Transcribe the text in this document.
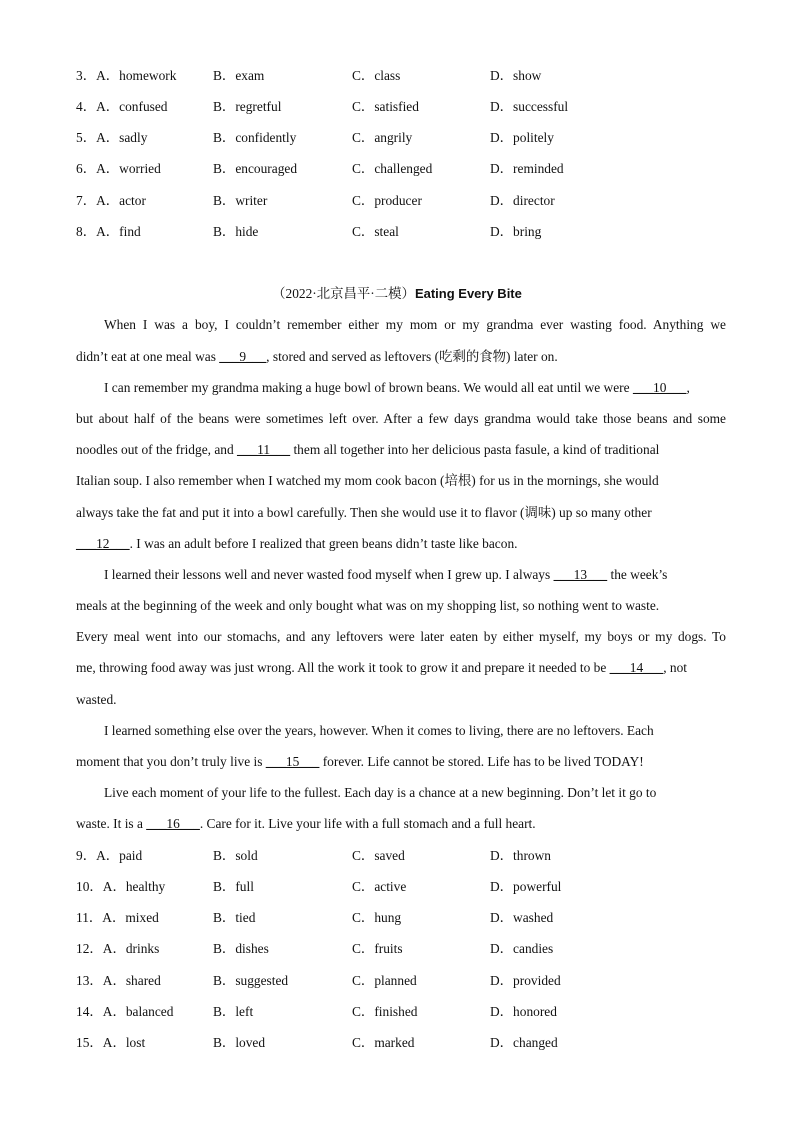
3．A．homework	B．exam	C．class	D．show
4．A．confused	B．regretful	C．satisfied	D．successful
5．A．sadly	B．confidently	C．angrily	D．politely
6．A．worried	B．encouraged	C．challenged	D．reminded
7．A．actor	B．writer	C．producer	D．director
8．A．find	B．hide	C．steal	D．bring
（2022·北京昌平·二模）Eating Every Bite
When I was a boy, I couldn’t remember either my mom or my grandma ever wasting food. Anything we
didn’t eat at one meal was ___9___, stored and served as leftovers (吃剩的食物) later on.
I can remember my grandma making a huge bowl of brown beans. We would all eat until we were ___10___,
but about half of the beans were sometimes left over. After a few days grandma would take those beans and some
noodles out of the fridge, and ___11___ them all together into her delicious pasta fasule, a kind of traditional
Italian soup. I also remember when I watched my mom cook bacon (培根) for us in the mornings, she would
always take the fat and put it into a bowl carefully. Then she would use it to flavor (调味) up so many other
___12___. I was an adult before I realized that green beans didn’t taste like bacon.
I learned their lessons well and never wasted food myself when I grew up. I always ___13___ the week’s
meals at the beginning of the week and only bought what was on my shopping list, so nothing went to waste.
Every meal went into our stomachs, and any leftovers were later eaten by either myself, my boys or my dogs. To
me, throwing food away was just wrong. All the work it took to grow it and prepare it needed to be ___14___, not
wasted.
I learned something else over the years, however. When it comes to living, there are no leftovers. Each
moment that you don’t truly live is ___15___ forever. Life cannot be stored. Life has to be lived TODAY!
Live each moment of your life to the fullest. Each day is a chance at a new beginning. Don’t let it go to
waste. It is a ___16___. Care for it. Live your life with a full stomach and a full heart.
9．A．paid	B．sold	C．saved	D．thrown
10．A．healthy	B．full	C．active	D．powerful
11．A．mixed	B．tied	C．hung	D．washed
12．A．drinks	B．dishes	C．fruits	D．candies
13．A．shared	B．suggested	C．planned	D．provided
14．A．balanced	B．left	C．finished	D．honored
15．A．lost	B．loved	C．marked	D．changed
